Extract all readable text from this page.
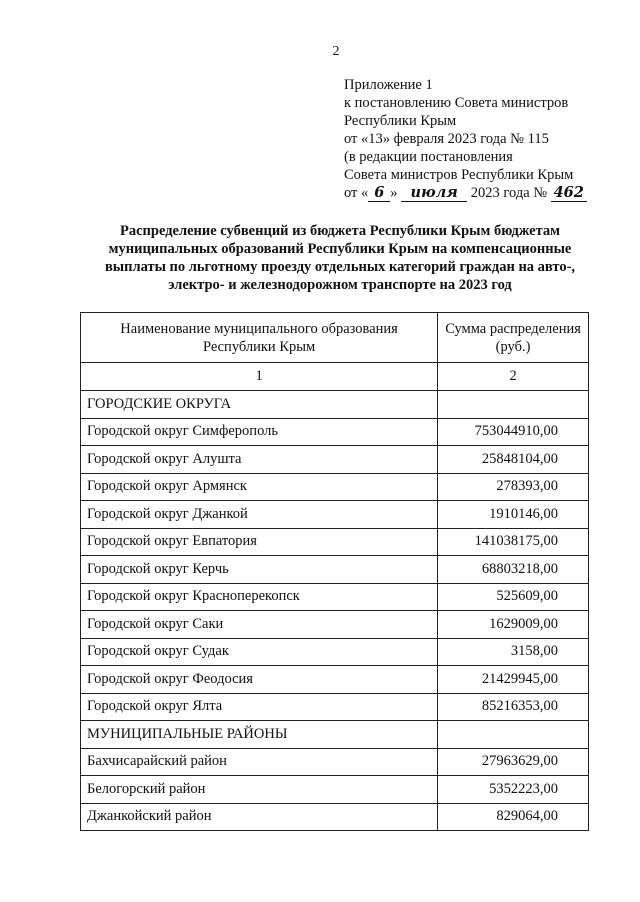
2
Приложение 1
к постановлению Совета министров
Республики Крым
от «13» февраля 2023 года № 115
(в редакции постановления
Совета министров Республики Крым
от « 6 » июля 2023 года № 462
Распределение субвенций из бюджета Республики Крым бюджетам муниципальных образований Республики Крым на компенсационные выплаты по льготному проезду отдельных категорий граждан на авто-, электро- и железнодорожном транспорте на 2023 год
Наименование муниципального образования Республики Крым	Сумма распределения (руб.)
1	2
ГОРОДСКИЕ ОКРУГА	
Городской округ Симферополь	753044910,00
Городской округ Алушта	25848104,00
Городской округ Армянск	278393,00
Городской округ Джанкой	1910146,00
Городской округ Евпатория	141038175,00
Городской округ Керчь	68803218,00
Городской округ Красноперекопск	525609,00
Городской округ Саки	1629009,00
Городской округ Судак	3158,00
Городской округ Феодосия	21429945,00
Городской округ Ялта	85216353,00
МУНИЦИПАЛЬНЫЕ РАЙОНЫ	
Бахчисарайский район	27963629,00
Белогорский район	5352223,00
Джанкойский район	829064,00
